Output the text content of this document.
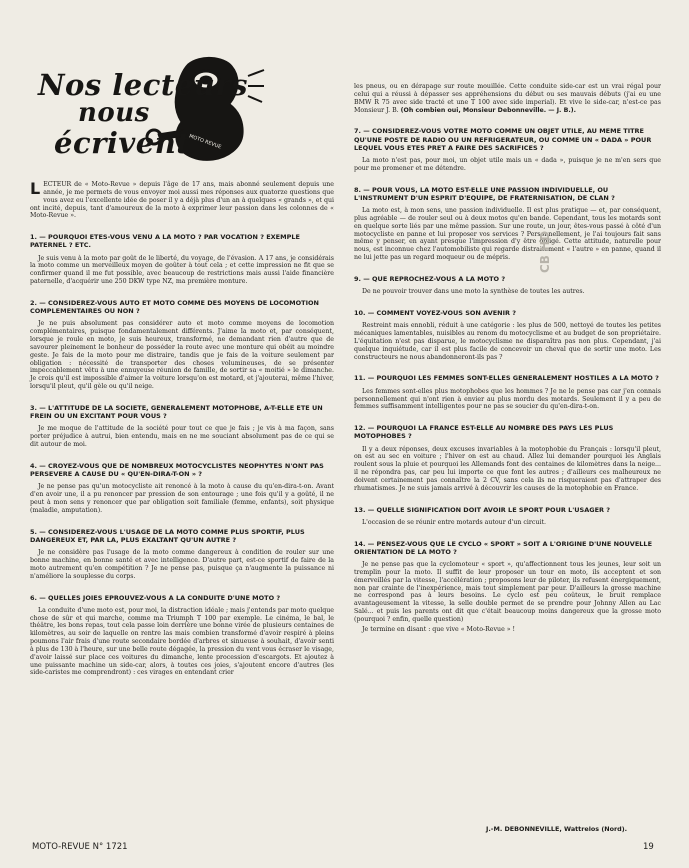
Nos lecteurs
nous
écrivent
MOTO REVUE
LECTEUR de « Moto-Revue » depuis l'âge de 17 ans, mais abonné seulement depuis une année, je me permets de vous envoyer moi aussi mes réponses aux quatorze questions que vous avez eu l'excellente idée de poser il y a déjà plus d'un an à quelques « grands », et qui ont incité, depuis, tant d'amoureux de la moto à exprimer leur passion dans les colonnes de « Moto-Revue ».
1. — POURQUOI ETES-VOUS VENU A LA MOTO ? PAR VOCATION ? EXEMPLE PATERNEL ? ETC.
Je suis venu à la moto par goût de le liberté, du voyage, de l'évasion. A 17 ans, je considérais la moto comme un merveilleux moyen de goûter à tout cela ; et cette impression ne fit que se confirmer quand il me fut possible, avec beaucoup de restrictions mais aussi l'aide financière paternelle, d'acquérir une 250 DKW type NZ, ma première monture.
2. — CONSIDEREZ-VOUS AUTO ET MOTO COMME DES MOYENS DE LOCOMOTION COMPLEMENTAIRES OU NON ?
Je ne puis absolument pas considérer auto et moto comme moyens de locomotion complémentaires, puisque fondamentalement différents. J'aime la moto et, par conséquent, lorsque je roule en moto, je suis heureux, transformé, ne demandant rien d'autre que de savourer pleinement le bonheur de posséder la route avec une monture qui obéit au moindre geste. Je fais de la moto pour me distraire, tandis que je fais de la voiture seulement par obligation : nécessité de transporter des choses volumineuses, de se présenter impeccablement vêtu à une ennuyeuse réunion de famille, de sortir sa « moitié » le dimanche. Je crois qu'il est impossible d'aimer la voiture lorsqu'on est motard, et j'ajouterai, même l'hiver, lorsqu'il pleut, qu'il gèle ou qu'il neige.
3. — L'ATTITUDE DE LA SOCIETE, GENERALEMENT MOTOPHOBE, A-T-ELLE ETE UN FREIN OU UN EXCITANT POUR VOUS ?
Je me moque de l'attitude de la société pour tout ce que je fais ; je vis à ma façon, sans porter préjudice à autrui, bien entendu, mais en ne me souciant absolument pas de ce qui se dit autour de moi.
4. — CROYEZ-VOUS QUE DE NOMBREUX MOTOCYCLISTES NEOPHYTES N'ONT PAS PERSEVERE A CAUSE DU « QU'EN-DIRA-T-ON » ?
Je ne pense pas qu'un motocycliste ait renoncé à la moto à cause du qu'en-dira-t-on. Avant d'en avoir une, il a pu renoncer par pression de son entourage ; une fois qu'il y a goûté, il ne peut à mon sens y renoncer que par obligation soit familiale (femme, enfants), soit physique (maladie, amputation).
5. — CONSIDEREZ-VOUS L'USAGE DE LA MOTO COMME PLUS SPORTIF, PLUS DANGEREUX ET, PAR LA, PLUS EXALTANT QU'UN AUTRE ?
Je ne considère pas l'usage de la moto comme dangereux à condition de rouler sur une bonne machine, en bonne santé et avec intelligence. D'autre part, est-ce sportif de faire de la moto autrement qu'en compétition ? Je ne pense pas, puisque ça n'augmente la puissance ni n'améliore la souplesse du corps.
6. — QUELLES JOIES EPROUVEZ-VOUS A LA CONDUITE D'UNE MOTO ?
La conduite d'une moto est, pour moi, la distraction idéale ; mais j'entends par moto quelque chose de sûr et qui marche, comme ma Triumph T 100 par exemple. Le cinéma, le bal, le théâtre, les bons repas, tout cela passe loin derrière une bonne virée de plusieurs centaines de kilomètres, au soir de laquelle on rentre las mais combien transformé d'avoir respiré à pleins poumons l'air frais d'une route secondaire bordée d'arbres et sinueuse à souhait, d'avoir senti à plus de 130 à l'heure, sur une belle route dégagée, la pression du vent vous écraser le visage, d'avoir laissé sur place ces voitures du dimanche, lente procession d'escargots. Et ajoutez à une puissante machine un side-car, alors, à toutes ces joies, s'ajoutent encore d'autres (les side-caristes me comprendront) : ces virages en entendant crier
les pneus, ou en dérapage sur route mouillée. Cette conduite side-car est un vrai régal pour celui qui a réussi à dépasser ses appréhensions du début ou ses mauvais débuts (j'ai eu une BMW R 75 avec side tracté et une T 100 avec side imperial). Et vive le side-car, n'est-ce pas Monsieur J. B. (Oh combien oui, Monsieur Debonneville. — J. B.).
7. — CONSIDEREZ-VOUS VOTRE MOTO COMME UN OBJET UTILE, AU MEME TITRE QU'UNE POSTE DE RADIO OU UN REFRIGERATEUR, OU COMME UN « DADA » POUR LEQUEL VOUS ETES PRET A FAIRE DES SACRIFICES ?
La moto n'est pas, pour moi, un objet utile mais un « dada », puisque je ne m'en sers que pour me promener et me détendre.
8. — POUR VOUS, LA MOTO EST-ELLE UNE PASSION INDIVIDUELLE, OU L'INSTRUMENT D'UN ESPRIT D'EQUIPE, DE FRATERNISATION, DE CLAN ?
La moto est, à mon sens, une passion individuelle. Il est plus pratique — et, par conséquent, plus agréable — de rouler seul ou à deux motos qu'en bande. Cependant, tous les motards sont en quelque sorte liés par une même passion. Sur une route, un jour, êtes-vous passé à côté d'un motocycliste en panne et lui proposer vos services ? Personnellement, je l'ai toujours fait sans même y penser, en ayant presque l'impression d'y être obligé. Cette attitude, naturelle pour nous, est inconnue chez l'automobiliste qui regarde distraitement « l'autre » en panne, quand il ne lui jette pas un regard moqueur ou de mépris.
9. — QUE REPROCHEZ-VOUS A LA MOTO ?
De ne pouvoir trouver dans une moto la synthèse de toutes les autres.
10. — COMMENT VOYEZ-VOUS SON AVENIR ?
Restreint mais ennobli, réduit à une catégorie : les plus de 500, nettoyé de toutes les petites mécaniques lamentables, nuisibles au renom du motocyclisme et au budget de son propriétaire. L'équitation n'est pas disparue, le motocyclisme ne disparaîtra pas non plus. Cependant, j'ai quelque inquiétude, car il est plus facile de concevoir un cheval que de sortir une moto. Les constructeurs ne nous abandonneront-ils pas ?
11. — POURQUOI LES FEMMES SONT-ELLES GENERALEMENT HOSTILES A LA MOTO ?
Les femmes sont-elles plus motophobes que les hommes ? Je ne le pense pas car j'en connais personnellement qui n'ont rien à envier au plus mordu des motards. Seulement il y a peu de femmes suffisamment intelligentes pour ne pas se soucier du qu'en-dira-t-on.
12. — POURQUOI LA FRANCE EST-ELLE AU NOMBRE DES PAYS LES PLUS MOTOPHOBES ?
Il y a deux réponses, deux excuses invariables à la motophobie du Français : lorsqu'il pleut, on est au sec en voiture ; l'hiver on est au chaud. Allez lui demander pourquoi les Anglais roulent sous la pluie et pourquoi les Allemands font des centaines de kilomètres dans la neige... il ne répondra pas, car peu lui importe ce que font les autres ; d'ailleurs ces malheureux ne doivent certainement pas connaître la 2 CV, sans cela ils ne risqueraient pas d'attraper des rhumatismes. Je ne suis jamais arrivé à découvrir les causes de la motophobie en France.
13. — QUELLE SIGNIFICATION DOIT AVOIR LE SPORT POUR L'USAGER ?
L'occasion de se réunir entre motards autour d'un circuit.
14. — PENSEZ-VOUS QUE LE CYCLO « SPORT » SOIT A L'ORIGINE D'UNE NOUVELLE ORIENTATION DE LA MOTO ?
Je ne pense pas que la cyclomoteur « sport », qu'affectionnent tous les jeunes, leur soit un tremplin pour la moto. Il suffit de leur proposer un tour en moto, ils acceptent et son émerveillés par la vitesse, l'accélération ; proposons leur de piloter, ils refusent énergiquement, non par crainte de l'inexpérience, mais tout simplement par peur. D'ailleurs la grosse machine ne correspond pas à leurs besoins. Le cyclo est peu coûteux, le bruit remplace avantageusement la vitesse, la selle double permet de se prendre pour Johnny Allen au Lac Salé... et puis les parents ont dit que c'était beaucoup moins dangereux que la grosse moto (pourquoi ? enfin, quelle question)
Je termine en disant : que vive « Moto-Revue » !
CB HD
J.-M. DEBONNEVILLE, Wattrelos (Nord).
MOTO-REVUE N° 1721	19
